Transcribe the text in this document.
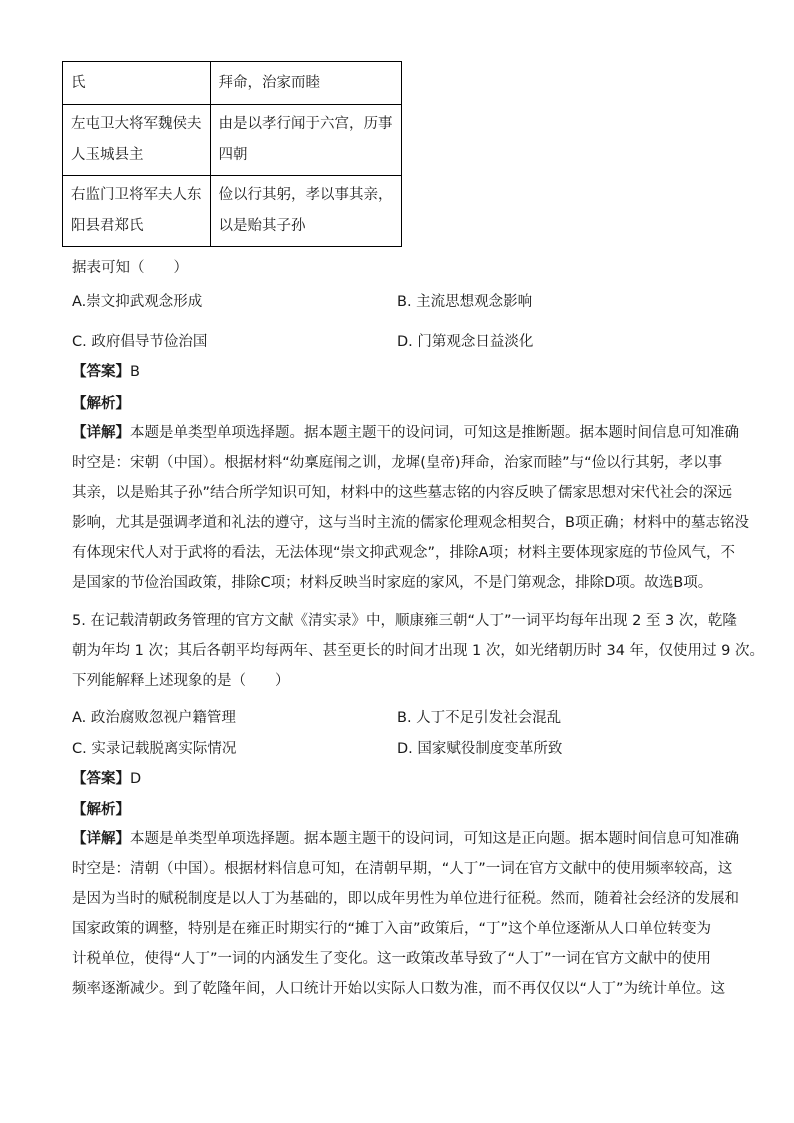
氏	拜命，治家而睦

左屯卫大将军魏侯夫
人玉城县主	由是以孝行闻于六宫，历事
四朝

右监门卫将军夫人东
阳县君郑氏	俭以行其躬，孝以事其亲，
以是贻其子孙
据表可知（　　）
A.崇文抑武观念形成	B. 主流思想观念影响
C. 政府倡导节俭治国	D. 门第观念日益淡化
【答案】B
【解析】
【详解】本题是单类型单项选择题。据本题主题干的设问词，可知这是推断题。据本题时间信息可知准确
时空是：宋朝（中国）。根据材料“幼稟庭闱之训，龙墀(皇帝)拜命，治家而睦”与“俭以行其躬，孝以事
其亲，以是贻其子孙”结合所学知识可知，材料中的这些墓志铭的内容反映了儒家思想对宋代社会的深远
影响，尤其是强调孝道和礼法的遵守，这与当时主流的儒家伦理观念相契合，B项正确；材料中的墓志铭没
有体现宋代人对于武将的看法，无法体现“崇文抑武观念”，排除A项；材料主要体现家庭的节俭风气，不
是国家的节俭治国政策，排除C项；材料反映当时家庭的家风，不是门第观念，排除D项。故选B项。
5. 在记载清朝政务管理的官方文献《清实录》中，顺康雍三朝“人丁”一词平均每年出现 2 至 3 次，乾隆
朝为年均 1 次；其后各朝平均每两年、甚至更长的时间才出现 1 次，如光绪朝历时 34 年，仅使用过 9 次。
下列能解释上述现象的是（　　）
A. 政治腐败忽视户籍管理	B. 人丁不足引发社会混乱
C. 实录记载脱离实际情况	D. 国家赋役制度变革所致
【答案】D
【解析】
【详解】本题是单类型单项选择题。据本题主题干的设问词，可知这是正向题。据本题时间信息可知准确
时空是：清朝（中国）。根据材料信息可知，在清朝早期，“人丁”一词在官方文献中的使用频率较高，这
是因为当时的赋税制度是以人丁为基础的，即以成年男性为单位进行征税。然而，随着社会经济的发展和
国家政策的调整，特别是在雍正时期实行的“摊丁入亩”政策后，“丁”这个单位逐渐从人口单位转变为
计税单位，使得“人丁”一词的内涵发生了变化。这一政策改革导致了“人丁”一词在官方文献中的使用
频率逐渐减少。到了乾隆年间，人口统计开始以实际人口数为准，而不再仅仅以“人丁”为统计单位。这
